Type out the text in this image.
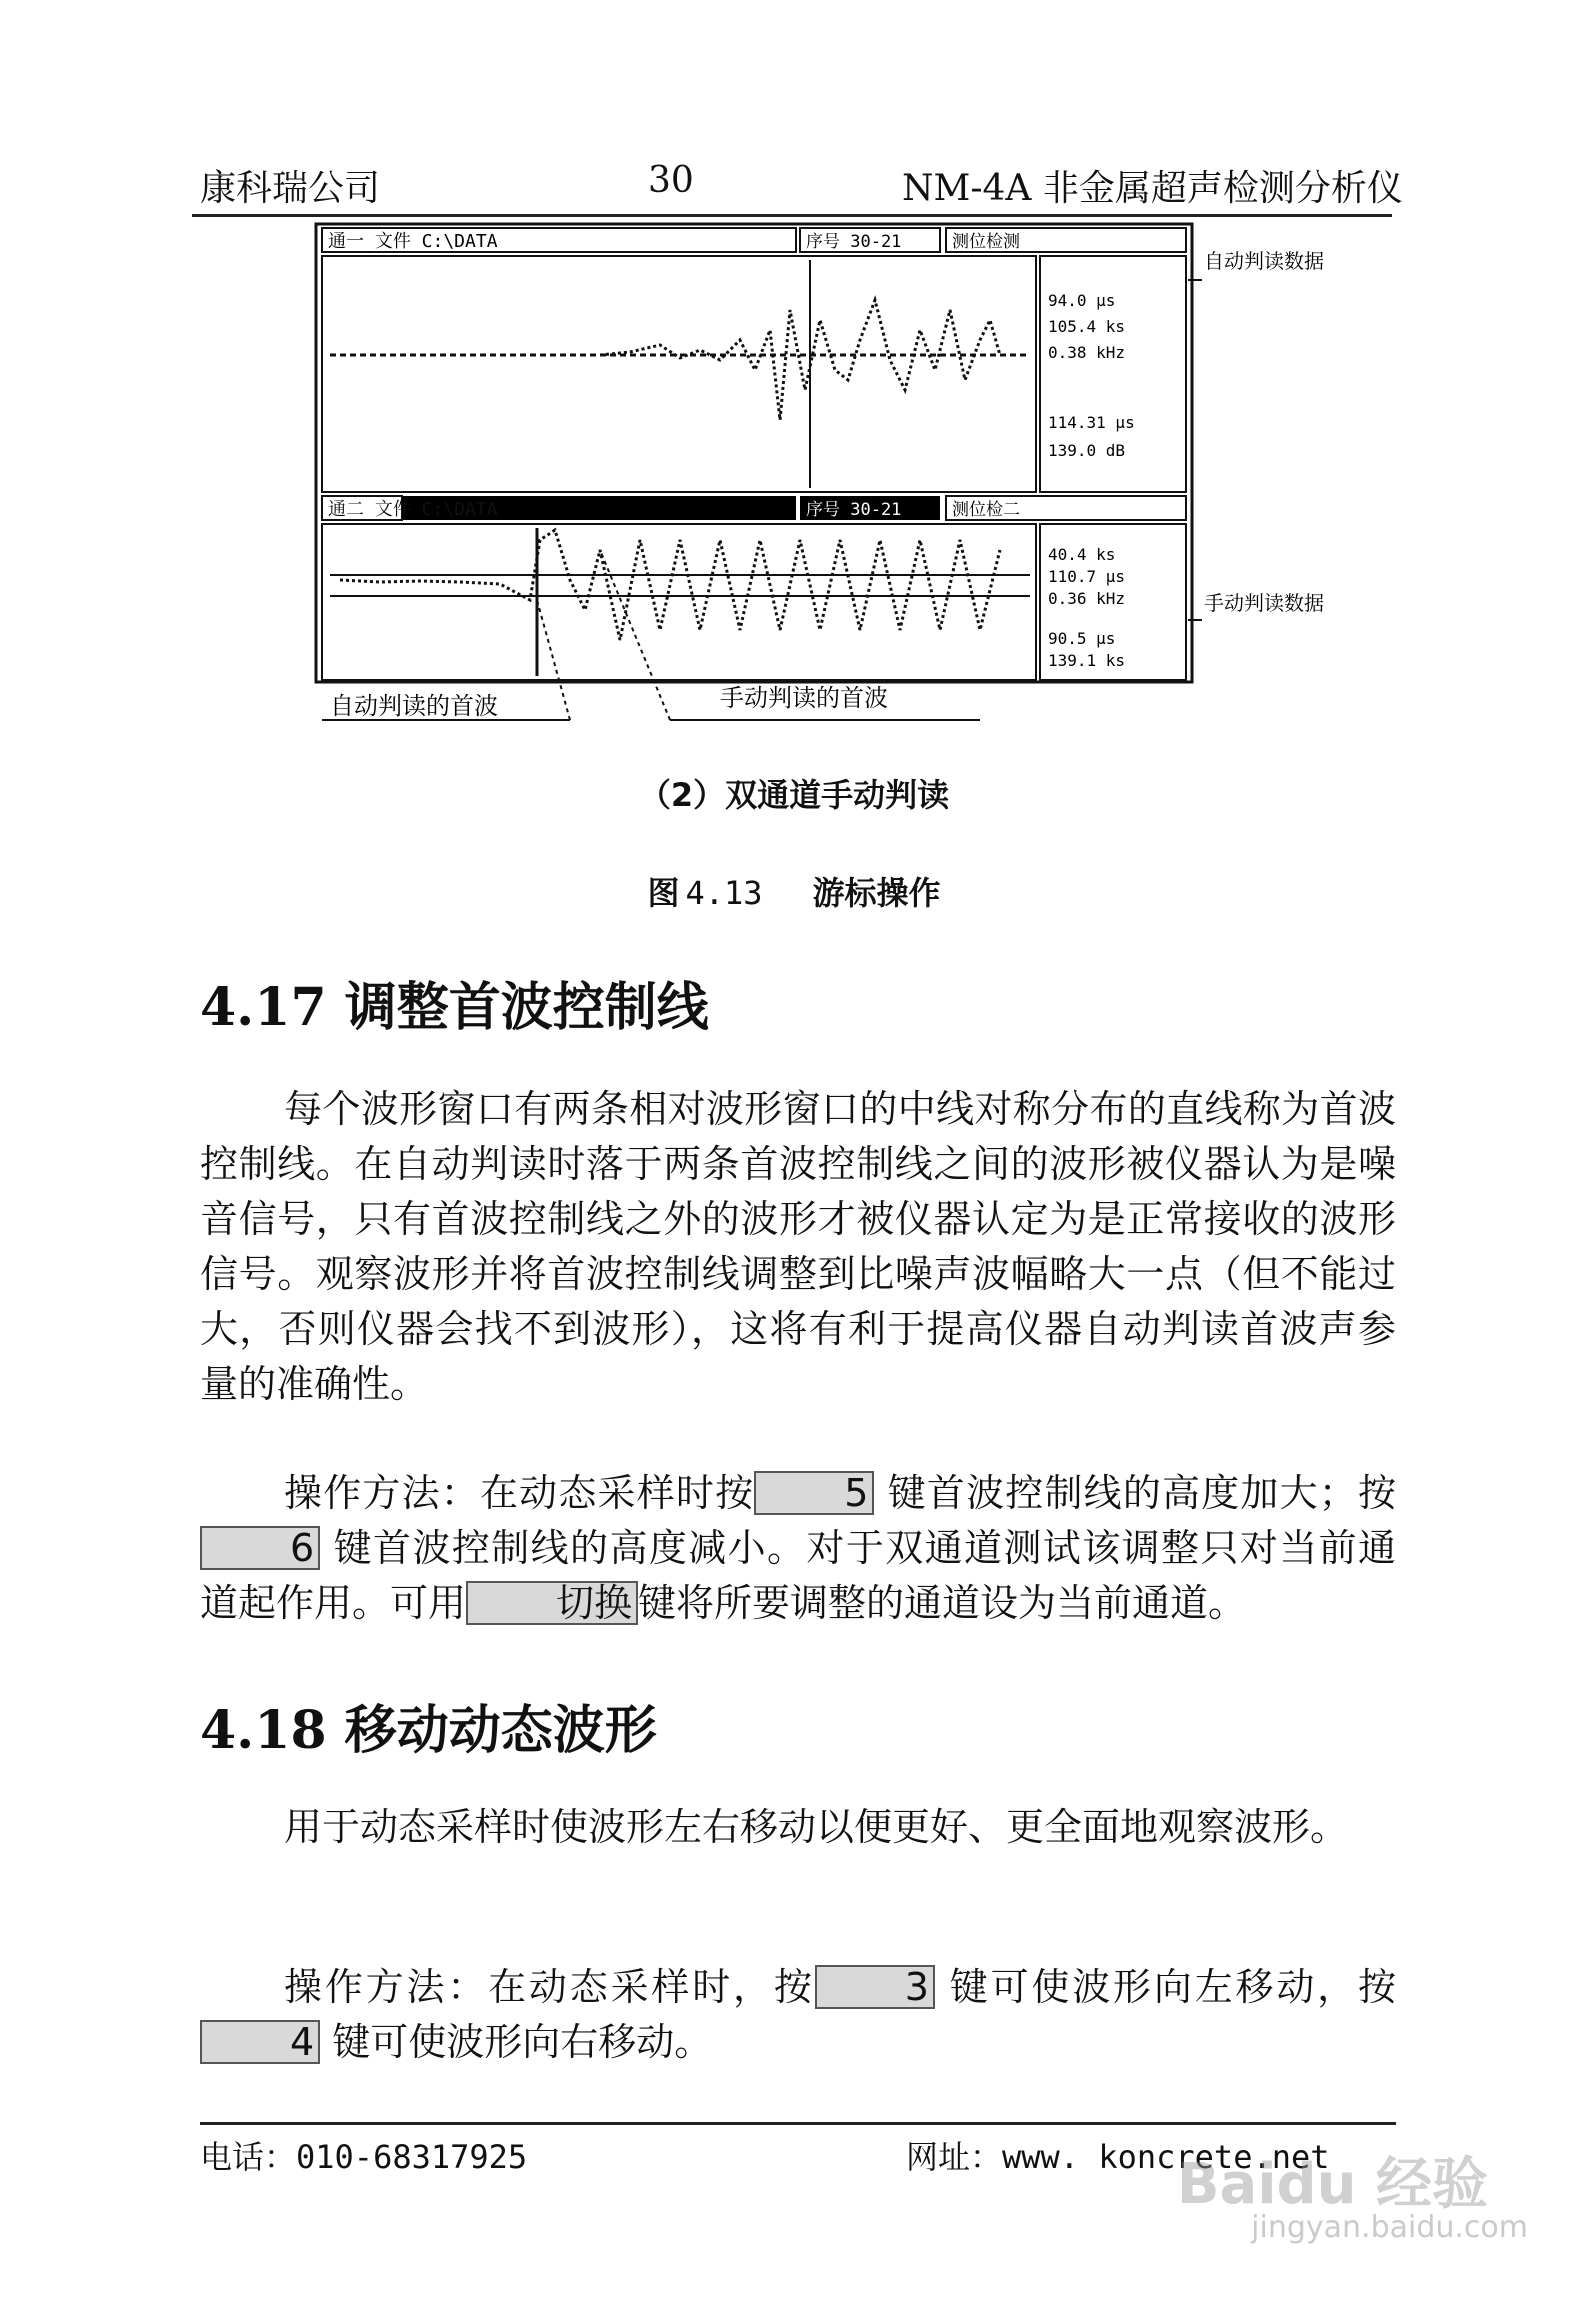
康科瑞公司	30	NM-4A 非金属超声检测分析仪
通一 文件 C:\DATA	序号 30-21	测位检测
94.0 μs
105.4 ks
0.38 kHz
114.31 μs
139.0 dB
通二 文件 C:\DATA	序号 30-21	测位检二
40.4 ks
110.7 μs
0.36 kHz
90.5 μs
139.1 ks
自动判读数据
手动判读数据
自动判读的首波	手动判读的首波
（2）双通道手动判读
图 4.13 游标操作
4.17 调整首波控制线

每个波形窗口有两条相对波形窗口的中线对称分布的直线称为首波控制线。在自动判读时落于两条首波控制线之间的波形被仪器认为是噪音信号，只有首波控制线之外的波形才被仪器认定为是正常接收的波形信号。观察波形并将首波控制线调整到比噪声波幅略大一点（但不能过大，否则仪器会找不到波形），这将有利于提高仪器自动判读首波声参量的准确性。

操作方法：在动态采样时按 5 键首波控制线的高度加大；按6 键首波控制线的高度减小。对于双通道测试该调整只对当前通道起作用。可用 切换 键将所要调整的通道设为当前通道。

4.18 移动动态波形

用于动态采样时使波形左右移动以便更好、更全面地观察波形。

操作方法：在动态采样时，按 3 键可使波形向左移动，按4 键可使波形向右移动。

电话：010-68317925	网址：www. koncrete.net
Baidu 经验
jingyan.baidu.com
